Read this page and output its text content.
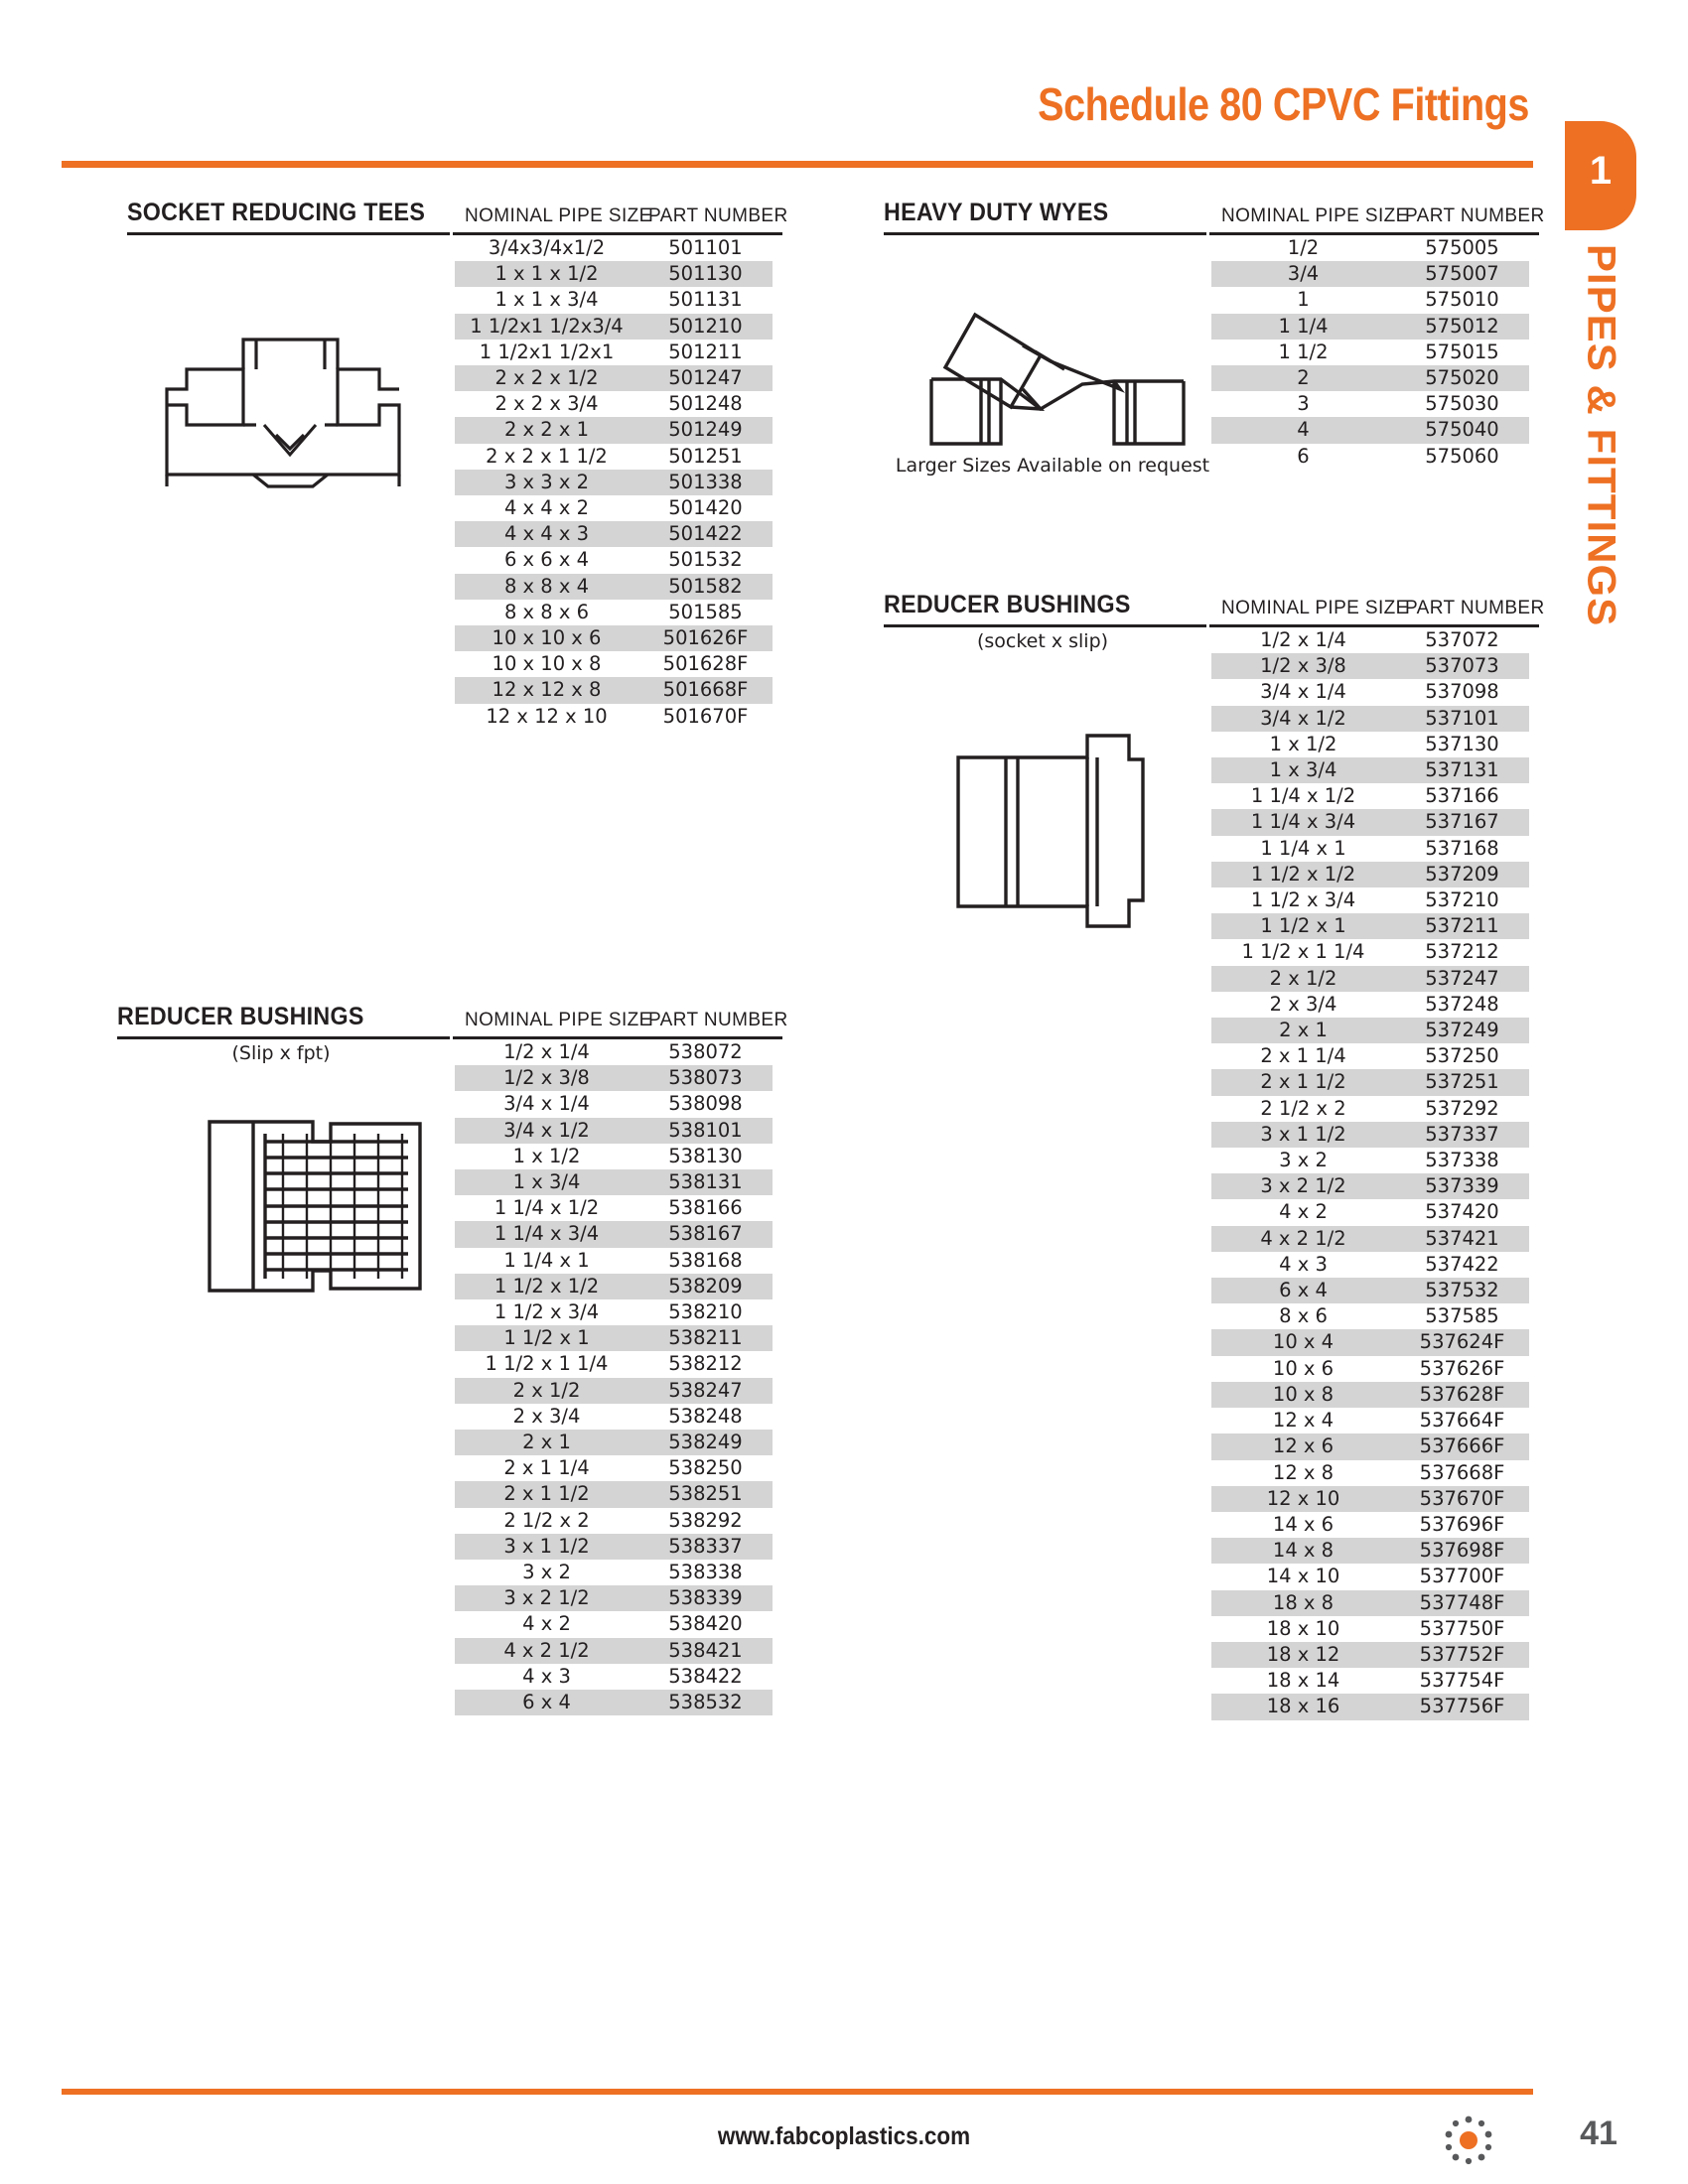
Schedule 80 CPVC Fittings
1
PIPES & FITTINGS
SOCKET REDUCING TEES NOMINAL PIPE SIZE
PART NUMBER
3/4x3/4x1/2	501101
1 x 1 x 1/2	501130
1 x 1 x 3/4	501131
1 1/2x1 1/2x3/4	501210
1 1/2x1 1/2x1	501211
2 x 2 x 1/2	501247
2 x 2 x 3/4	501248
2 x 2 x 1	501249
2 x 2 x 1 1/2	501251
3 x 3 x 2	501338
4 x 4 x 2	501420
4 x 4 x 3	501422
6 x 6 x 4	501532
8 x 8 x 4	501582
8 x 8 x 6	501585
10 x 10 x 6	501626F
10 x 10 x 8	501628F
12 x 12 x 8	501668F
12 x 12 x 10	501670F
HEAVY DUTY WYES	NOMINAL PIPE SIZE
PART NUMBER
1/2	575005
3/4	575007
1	575010
1 1/4	575012
1 1/2	575015
2	575020
3	575030
4	575040
6	575060
Larger Sizes Available on request
REDUCER BUSHINGS	NOMINAL PIPE SIZE
PART NUMBER
(socket x slip)	1/2 x 1/4	537072
1/2 x 3/8	537073
3/4 x 1/4	537098
3/4 x 1/2	537101
1 x 1/2	537130
1 x 3/4	537131
1 1/4 x 1/2	537166
1 1/4 x 3/4	537167
1 1/4 x 1	537168
1 1/2 x 1/2	537209
1 1/2 x 3/4	537210
1 1/2 x 1	537211
1 1/2 x 1 1/4	537212
2 x 1/2	537247
2 x 3/4	537248
2 x 1	537249
2 x 1 1/4	537250
2 x 1 1/2	537251
2 1/2 x 2	537292
3 x 1 1/2	537337
3 x 2	537338
3 x 2 1/2	537339
4 x 2	537420
4 x 2 1/2	537421
4 x 3	537422
6 x 4	537532
8 x 6	537585
10 x 4	537624F
10 x 6	537626F
10 x 8	537628F
12 x 4	537664F
12 x 6	537666F
12 x 8	537668F
12 x 10	537670F
14 x 6	537696F
14 x 8	537698F
14 x 10	537700F
18 x 8	537748F
18 x 10	537750F
18 x 12	537752F
18 x 14	537754F
18 x 16	537756F
REDUCER BUSHINGS	NOMINAL PIPE SIZE
PART NUMBER
(Slip x fpt)	1/2 x 1/4	538072
1/2 x 3/8	538073
3/4 x 1/4	538098
3/4 x 1/2	538101
1 x 1/2	538130
1 x 3/4	538131
1 1/4 x 1/2	538166
1 1/4 x 3/4	538167
1 1/4 x 1	538168
1 1/2 x 1/2	538209
1 1/2 x 3/4	538210
1 1/2 x 1	538211
1 1/2 x 1 1/4	538212
2 x 1/2	538247
2 x 3/4	538248
2 x 1	538249
2 x 1 1/4	538250
2 x 1 1/2	538251
2 1/2 x 2	538292
3 x 1 1/2	538337
3 x 2	538338
3 x 2 1/2	538339
4 x 2	538420
4 x 2 1/2	538421
4 x 3	538422
6 x 4	538532
www.fabcoplastics.com	41
